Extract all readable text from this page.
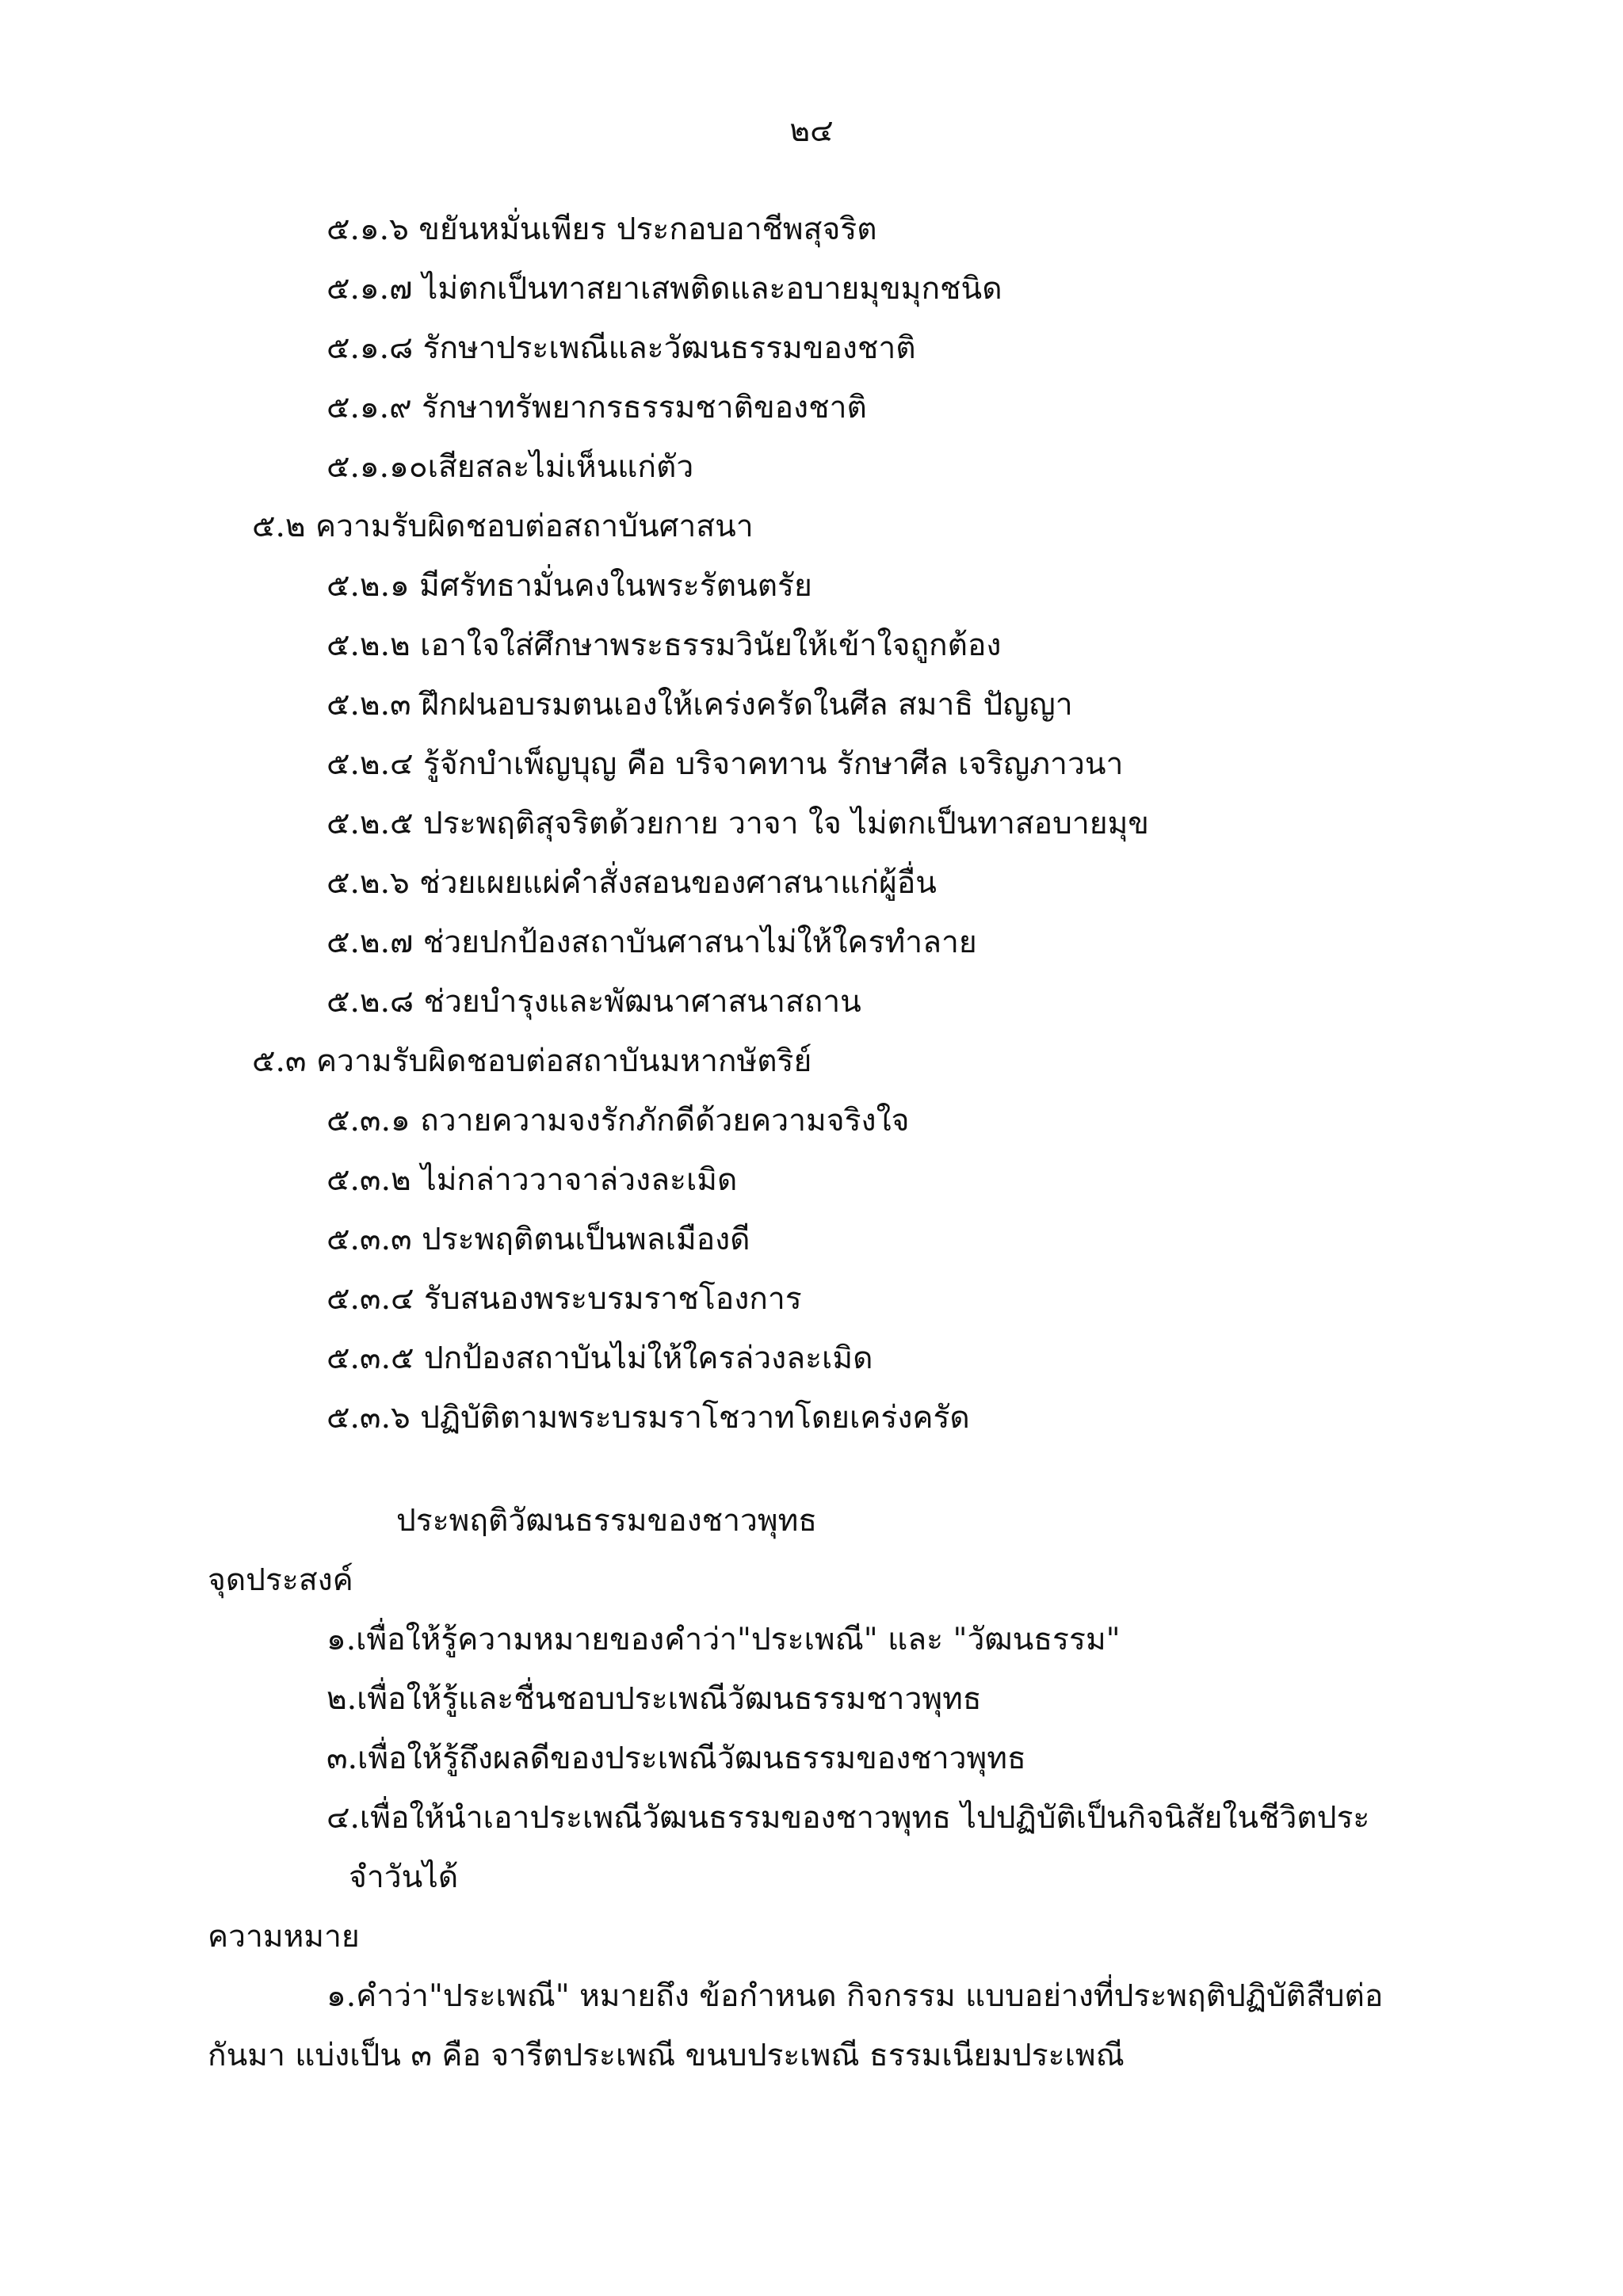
๒๔
๕.๑.๖ ขยันหมั่นเพียร ประกอบอาชีพสุจริต
๕.๑.๗ ไม่ตกเป็นทาสยาเสพติดและอบายมุขมุกชนิด
๕.๑.๘ รักษาประเพณีและวัฒนธรรมของชาติ
๕.๑.๙ รักษาทรัพยากรธรรมชาติของชาติ
๕.๑.๑๐เสียสละไม่เห็นแก่ตัว
๕.๒ ความรับผิดชอบต่อสถาบันศาสนา
๕.๒.๑ มีศรัทธามั่นคงในพระรัตนตรัย
๕.๒.๒ เอาใจใส่ศึกษาพระธรรมวินัยให้เข้าใจถูกต้อง
๕.๒.๓ ฝึกฝนอบรมตนเองให้เคร่งครัดในศีล สมาธิ ปัญญา
๕.๒.๔ รู้จักบำเพ็ญบุญ คือ บริจาคทาน รักษาศีล เจริญภาวนา
๕.๒.๕ ประพฤติสุจริตด้วยกาย วาจา ใจ ไม่ตกเป็นทาสอบายมุข
๕.๒.๖ ช่วยเผยแผ่คำสั่งสอนของศาสนาแก่ผู้อื่น
๕.๒.๗ ช่วยปกป้องสถาบันศาสนาไม่ให้ใครทำลาย
๕.๒.๘ ช่วยบำรุงและพัฒนาศาสนาสถาน
๕.๓ ความรับผิดชอบต่อสถาบันมหากษัตริย์
๕.๓.๑ ถวายความจงรักภักดีด้วยความจริงใจ
๕.๓.๒ ไม่กล่าววาจาล่วงละเมิด
๕.๓.๓ ประพฤติตนเป็นพลเมืองดี
๕.๓.๔ รับสนองพระบรมราชโองการ
๕.๓.๕ ปกป้องสถาบันไม่ให้ใครล่วงละเมิด
๕.๓.๖ ปฏิบัติตามพระบรมราโชวาทโดยเคร่งครัด
ประพฤติวัฒนธรรมของชาวพุทธ
จุดประสงค์
๑.เพื่อให้รู้ความหมายของคำว่า"ประเพณี" และ "วัฒนธรรม"
๒.เพื่อให้รู้และชื่นชอบประเพณีวัฒนธรรมชาวพุทธ
๓.เพื่อให้รู้ถึงผลดีของประเพณีวัฒนธรรมของชาวพุทธ
๔.เพื่อให้นำเอาประเพณีวัฒนธรรมของชาวพุทธ ไปปฏิบัติเป็นกิจนิสัยในชีวิตประ
จำวันได้
ความหมาย
๑.คำว่า"ประเพณี" หมายถึง ข้อกำหนด กิจกรรม แบบอย่างที่ประพฤติปฏิบัติสืบต่อ
กันมา แบ่งเป็น ๓ คือ จารีตประเพณี ขนบประเพณี ธรรมเนียมประเพณี
